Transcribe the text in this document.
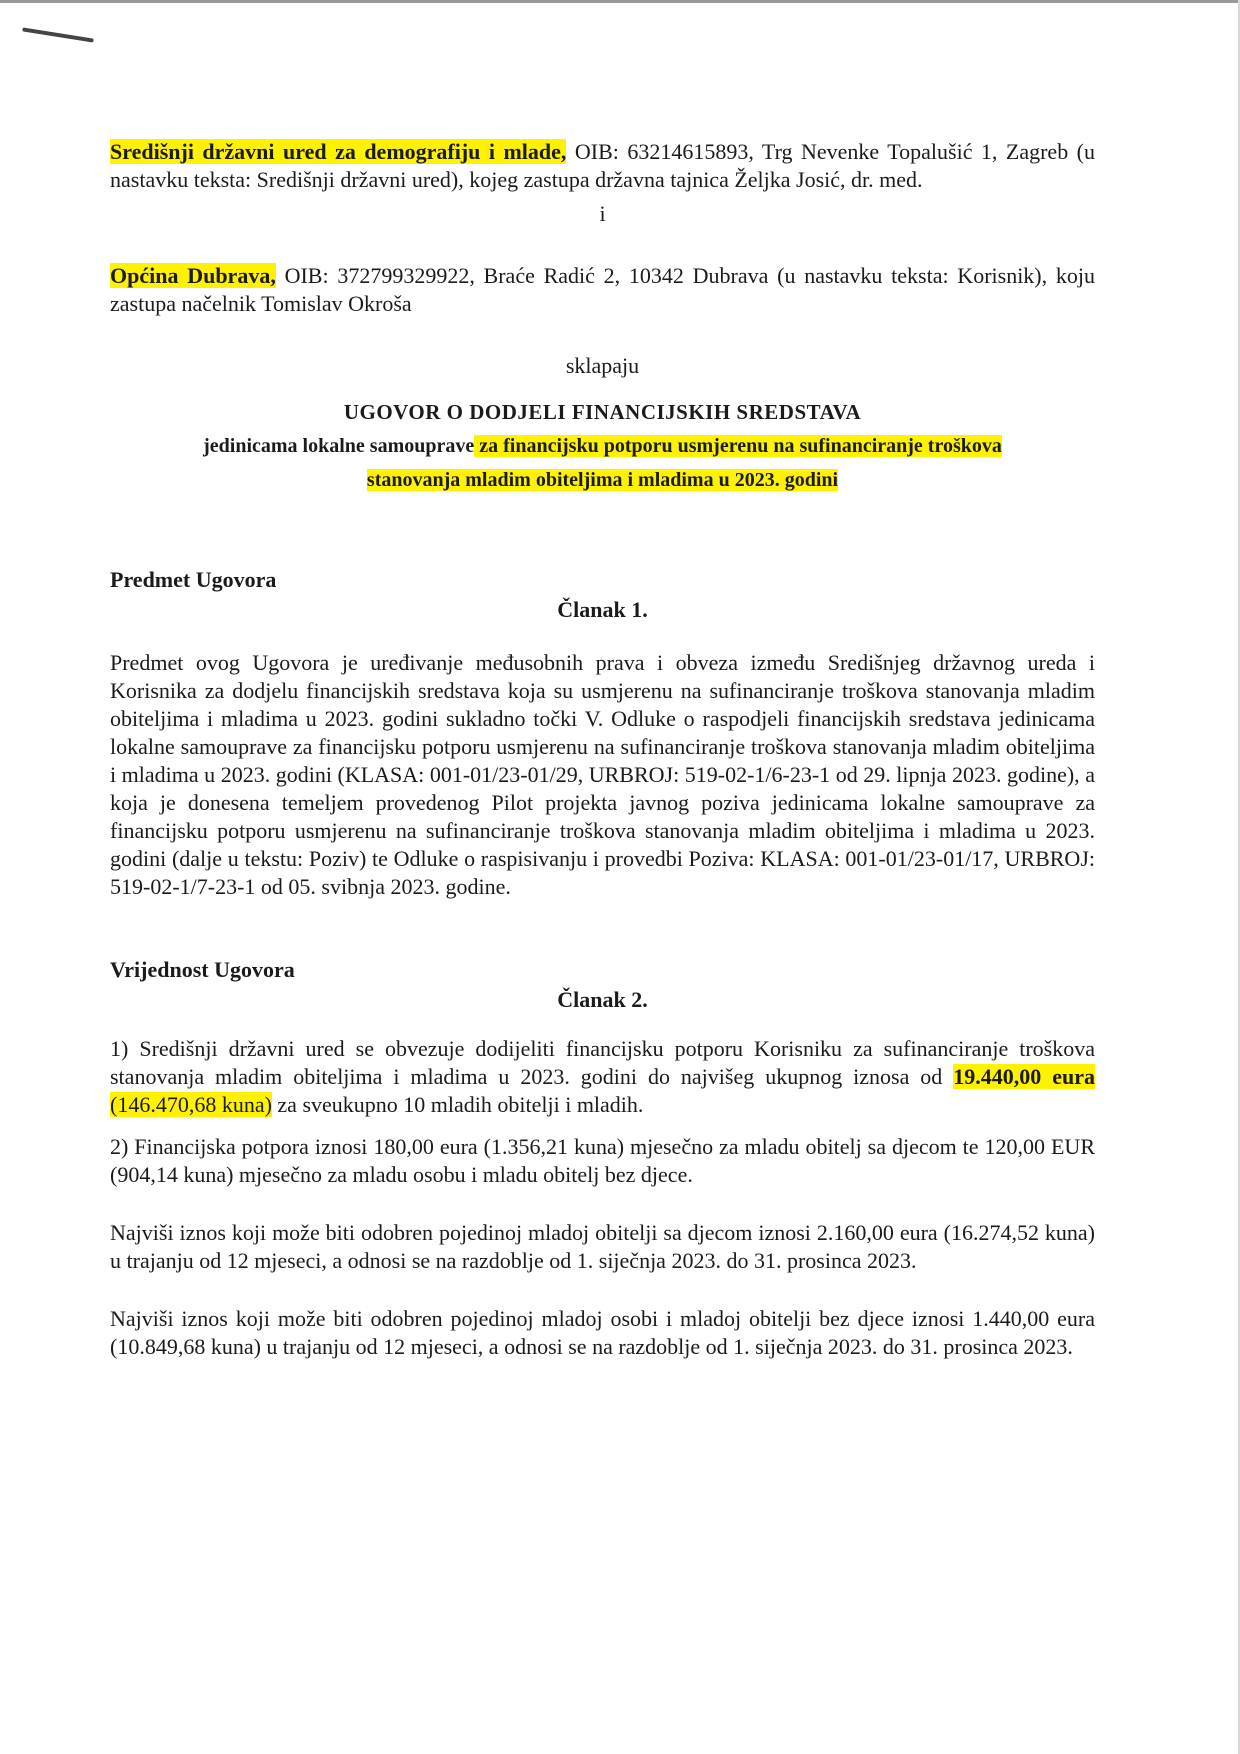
Središnji državni ured za demografiju i mlade, OIB: 63214615893, Trg Nevenke Topalušić 1, Zagreb (u nastavku teksta: Središnji državni ured), kojeg zastupa državna tajnica Željka Josić, dr. med.

i

Općina Dubrava, OIB: 372799329922, Braće Radić 2, 10342 Dubrava (u nastavku teksta: Korisnik), koju zastupa načelnik Tomislav Okroša

sklapaju

UGOVOR O DODJELI FINANCIJSKIH SREDSTAVA
jedinicama lokalne samouprave za financijsku potporu usmjerenu na sufinanciranje troškova
stanovanja mladim obiteljima i mladima u 2023. godini
Predmet Ugovora
Članak 1.

Predmet ovog Ugovora je uređivanje međusobnih prava i obveza između Središnjeg državnog ureda i Korisnika za dodjelu financijskih sredstava koja su usmjerenu na sufinanciranje troškova stanovanja mladim obiteljima i mladima u 2023. godini sukladno točki V. Odluke o raspodjeli financijskih sredstava jedinicama lokalne samouprave za financijsku potporu usmjerenu na sufinanciranje troškova stanovanja mladim obiteljima i mladima u 2023. godini (KLASA: 001-01/23-01/29, URBROJ: 519-02-1/6-23-1 od 29. lipnja 2023. godine), a koja je donesena temeljem provedenog Pilot projekta javnog poziva jedinicama lokalne samouprave za financijsku potporu usmjerenu na sufinanciranje troškova stanovanja mladim obiteljima i mladima u 2023. godini (dalje u tekstu: Poziv) te Odluke o raspisivanju i provedbi Poziva: KLASA: 001-01/23-01/17, URBROJ: 519-02-1/7-23-1 od 05. svibnja 2023. godine.

Vrijednost Ugovora
Članak 2.

1) Središnji državni ured se obvezuje dodijeliti financijsku potporu Korisniku za sufinanciranje troškova stanovanja mladim obiteljima i mladima u 2023. godini do najvišeg ukupnog iznosa od 19.440,00 eura (146.470,68 kuna) za sveukupno 10 mladih obitelji i mladih.

2) Financijska potpora iznosi 180,00 eura (1.356,21 kuna) mjesečno za mladu obitelj sa djecom te 120,00 EUR (904,14 kuna) mjesečno za mladu osobu i mladu obitelj bez djece.

Najviši iznos koji može biti odobren pojedinoj mladoj obitelji sa djecom iznosi 2.160,00 eura (16.274,52 kuna) u trajanju od 12 mjeseci, a odnosi se na razdoblje od 1. siječnja 2023. do 31. prosinca 2023.

Najviši iznos koji može biti odobren pojedinoj mladoj osobi i mladoj obitelji bez djece iznosi 1.440,00 eura (10.849,68 kuna) u trajanju od 12 mjeseci, a odnosi se na razdoblje od 1. siječnja 2023. do 31. prosinca 2023.
